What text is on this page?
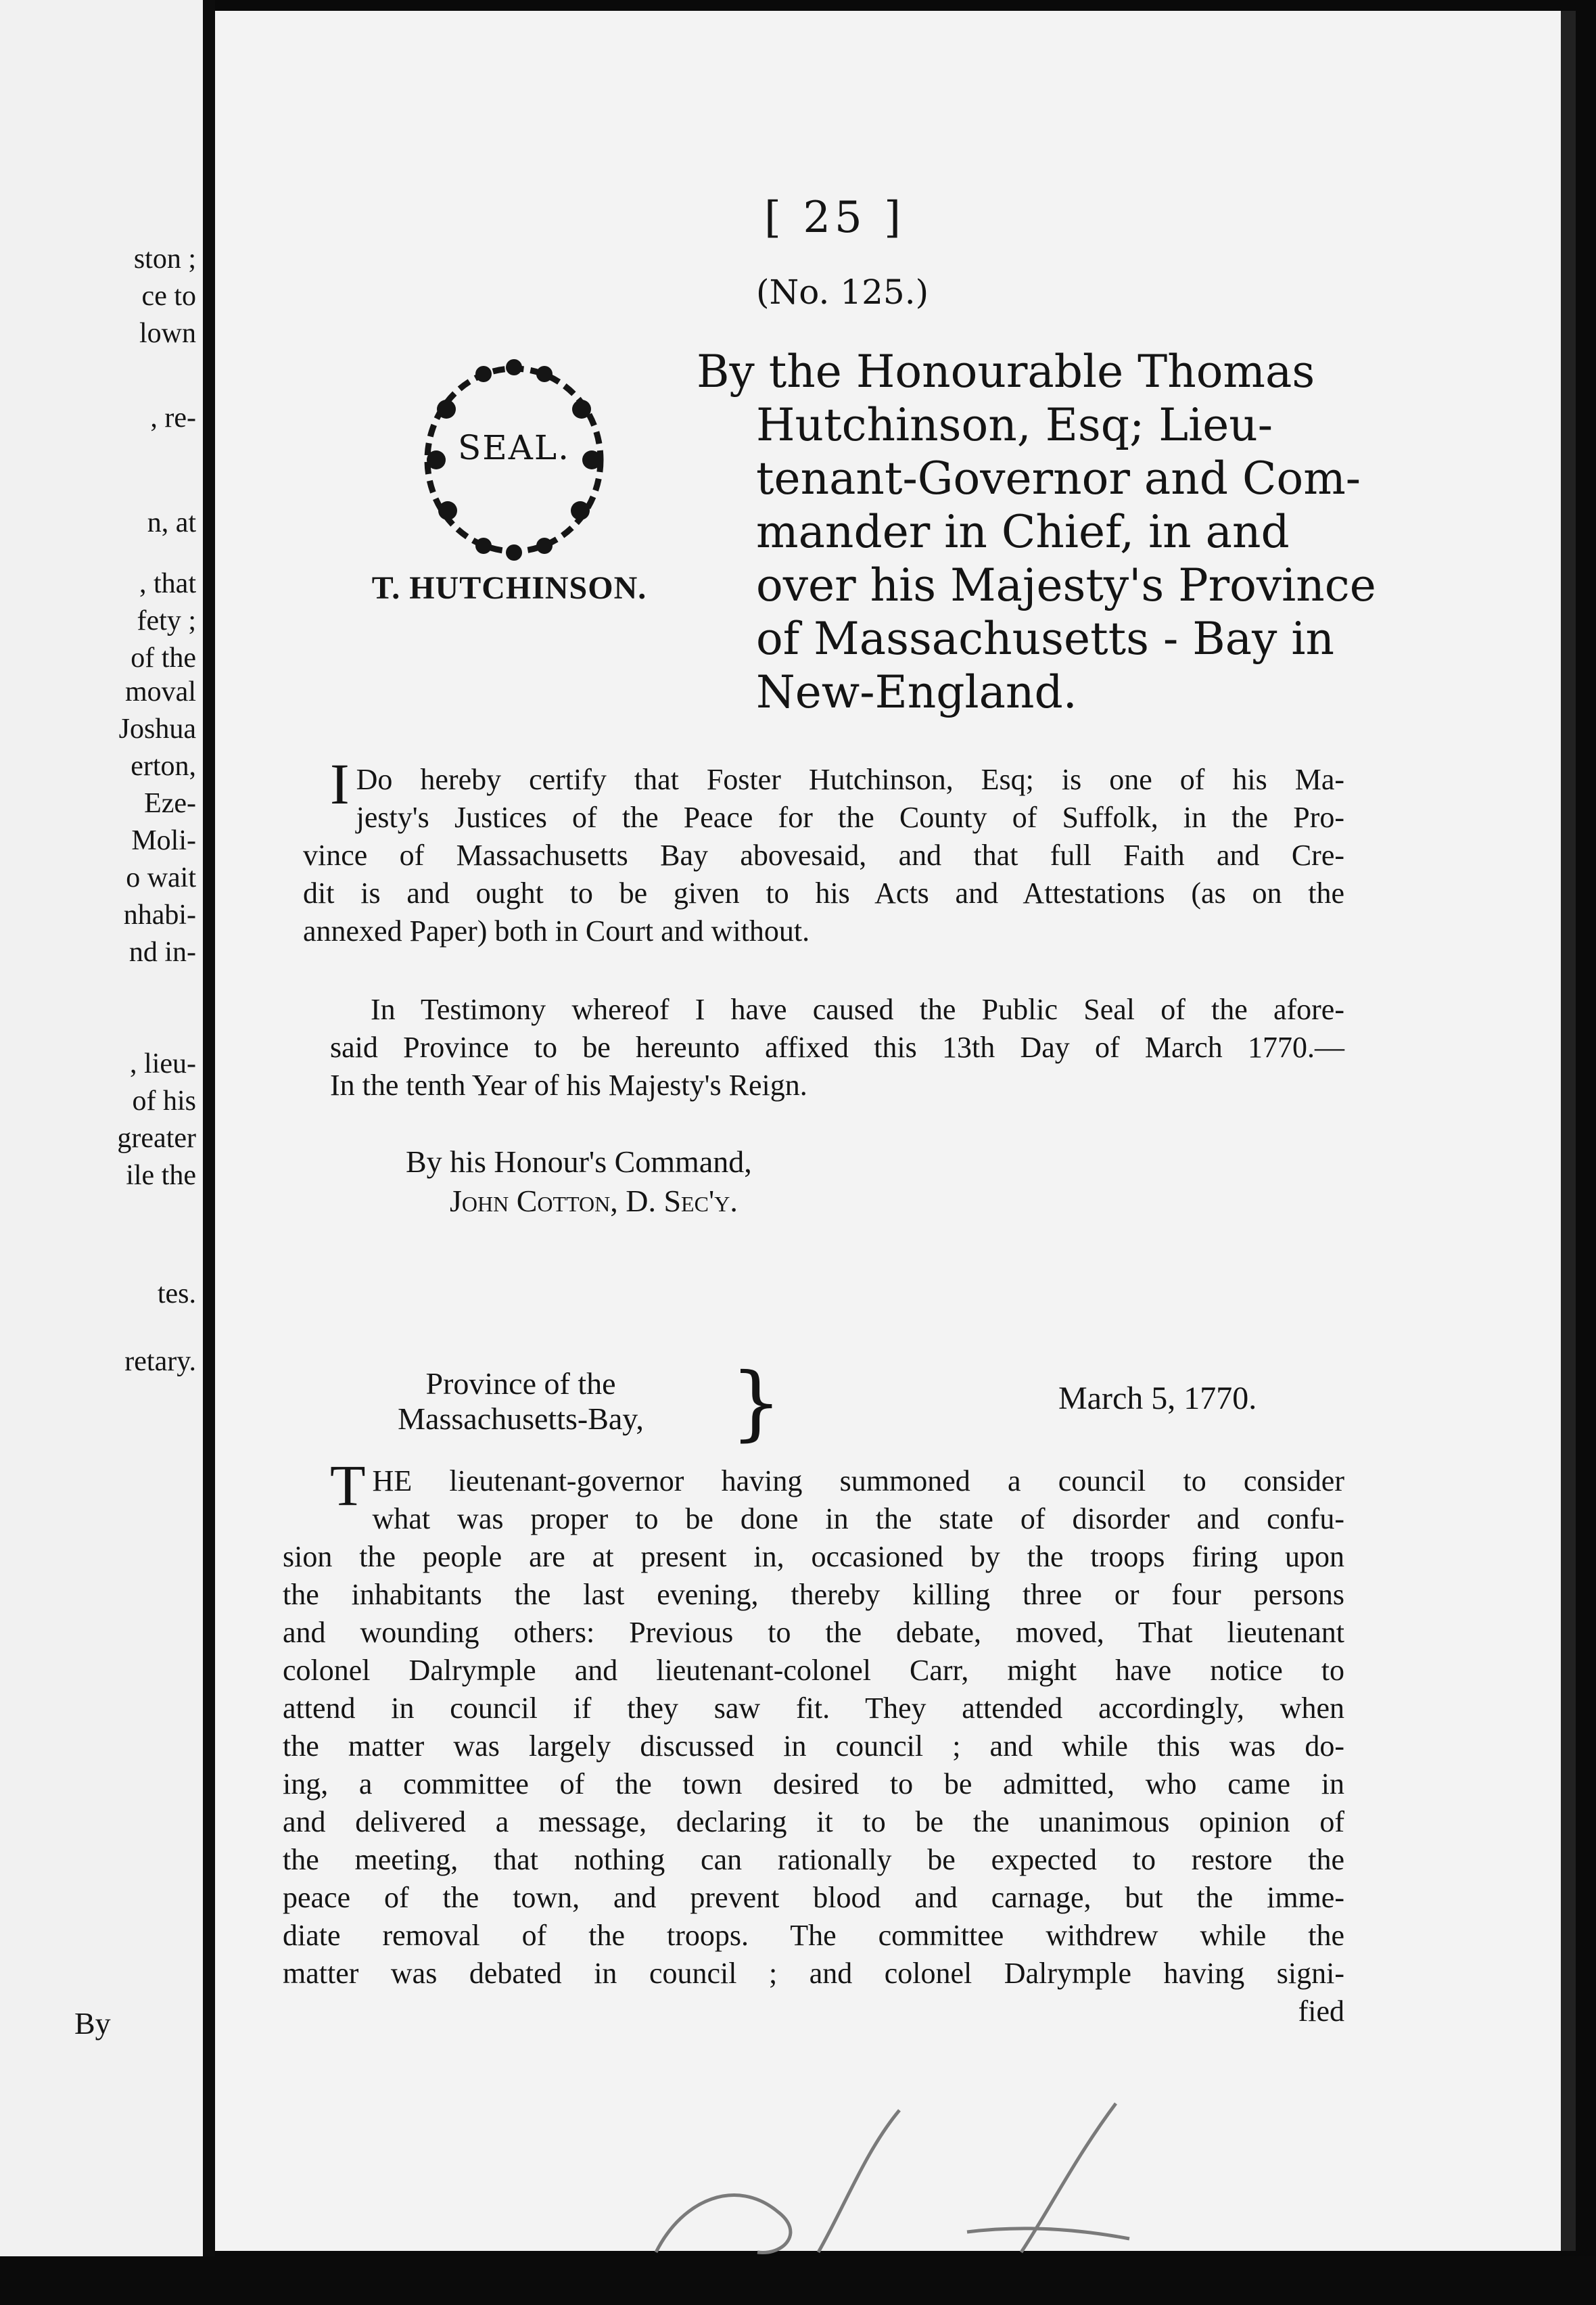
ston ;
ce to
lown
, re-
n, at
, that
fety ;
of the
moval
Joshua
erton,
Eze-
Moli-
o wait
nhabi-
nd in-
, lieu-
of his
greater
ile the
tes.
retary.
By
[ 25 ]
(No. 125.)
SEAL.
T. HUTCHINSON.
By the Honourable Thomas
Hutchinson, Esq; Lieu-
tenant-Governor and Com-
mander in Chief, in and
over his Majesty's Province
of Massachusetts - Bay in
New-England.
I Do hereby certify that Foster Hutchinson, Esq; is one of his Ma-
jesty's Justices of the Peace for the County of Suffolk, in the Pro-
vince of Massachusetts Bay abovesaid, and that full Faith and Cre-
dit is and ought to be given to his Acts and Attestations (as on the
annexed Paper) both in Court and without.
In Testimony whereof I have caused the Public Seal of the afore-
said Province to be hereunto affixed this 13th Day of March 1770.—
In the tenth Year of his Majesty's Reign.
By his Honour's Command,
John Cotton, D. Sec'y.
Province of the
Massachusetts-Bay, }	March 5, 1770.
T HE lieutenant-governor having summoned a council to consider
what was proper to be done in the state of disorder and confu-
sion the people are at present in, occasioned by the troops firing upon
the inhabitants the last evening, thereby killing three or four persons
and wounding others: Previous to the debate, moved, That lieutenant
colonel Dalrymple and lieutenant-colonel Carr, might have notice to
attend in council if they saw fit. They attended accordingly, when
the matter was largely discussed in council ; and while this was do-
ing, a committee of the town desired to be admitted, who came in
and delivered a message, declaring it to be the unanimous opinion of
the meeting, that nothing can rationally be expected to restore the
peace of the town, and prevent blood and carnage, but the imme-
diate removal of the troops. The committee withdrew while the
matter was debated in council ; and colonel Dalrymple having signi-
fied
